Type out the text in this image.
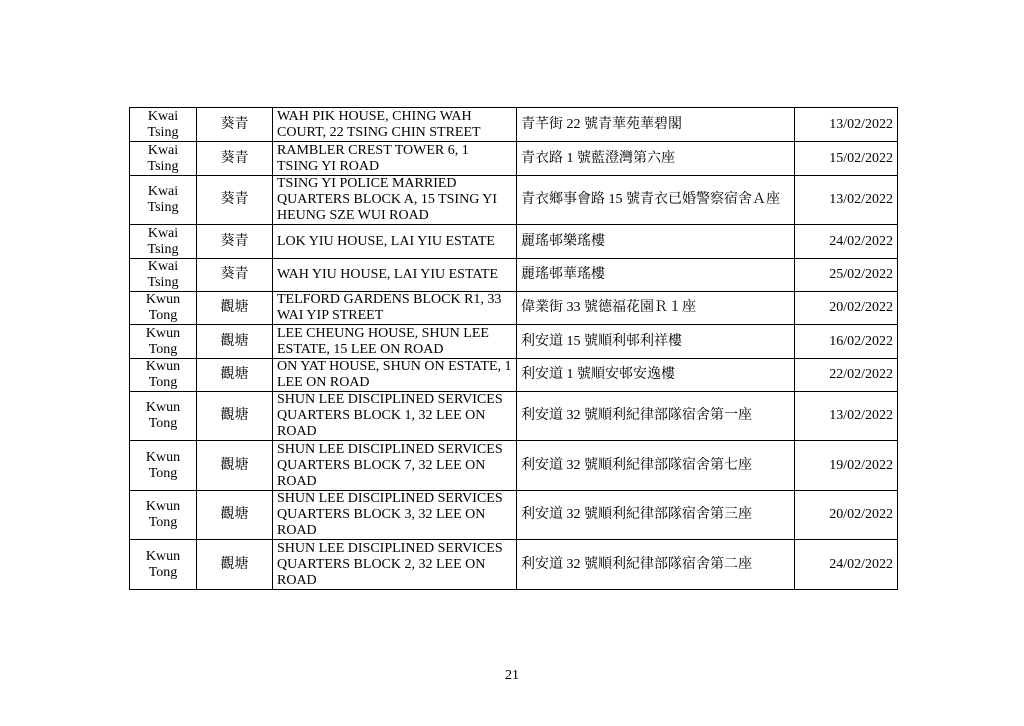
Kwai Tsing	葵青	WAH PIK HOUSE, CHING WAH COURT, 22 TSING CHIN STREET	青芊街 22 號青華苑華碧閣	13/02/2022
Kwai Tsing	葵青	RAMBLER CREST TOWER 6, 1 TSING YI ROAD	青衣路 1 號藍澄灣第六座	15/02/2022
Kwai Tsing	葵青	TSING YI POLICE MARRIED QUARTERS BLOCK A, 15 TSING YI HEUNG SZE WUI ROAD	青衣鄉事會路 15 號青衣已婚警察宿舍Ａ座	13/02/2022
Kwai Tsing	葵青	LOK YIU HOUSE, LAI YIU ESTATE	麗瑤邨樂瑤樓	24/02/2022
Kwai Tsing	葵青	WAH YIU HOUSE, LAI YIU ESTATE	麗瑤邨華瑤樓	25/02/2022
Kwun Tong	觀塘	TELFORD GARDENS BLOCK R1, 33 WAI YIP STREET	偉業街 33 號德福花園Ｒ１座	20/02/2022
Kwun Tong	觀塘	LEE CHEUNG HOUSE, SHUN LEE ESTATE, 15 LEE ON ROAD	利安道 15 號順利邨利祥樓	16/02/2022
Kwun Tong	觀塘	ON YAT HOUSE, SHUN ON ESTATE, 1 LEE ON ROAD	利安道 1 號順安邨安逸樓	22/02/2022
Kwun Tong	觀塘	SHUN LEE DISCIPLINED SERVICES QUARTERS BLOCK 1, 32 LEE ON ROAD	利安道 32 號順利紀律部隊宿舍第一座	13/02/2022
Kwun Tong	觀塘	SHUN LEE DISCIPLINED SERVICES QUARTERS BLOCK 7, 32 LEE ON ROAD	利安道 32 號順利紀律部隊宿舍第七座	19/02/2022
Kwun Tong	觀塘	SHUN LEE DISCIPLINED SERVICES QUARTERS BLOCK 3, 32 LEE ON ROAD	利安道 32 號順利紀律部隊宿舍第三座	20/02/2022
Kwun Tong	觀塘	SHUN LEE DISCIPLINED SERVICES QUARTERS BLOCK 2, 32 LEE ON ROAD	利安道 32 號順利紀律部隊宿舍第二座	24/02/2022
21
